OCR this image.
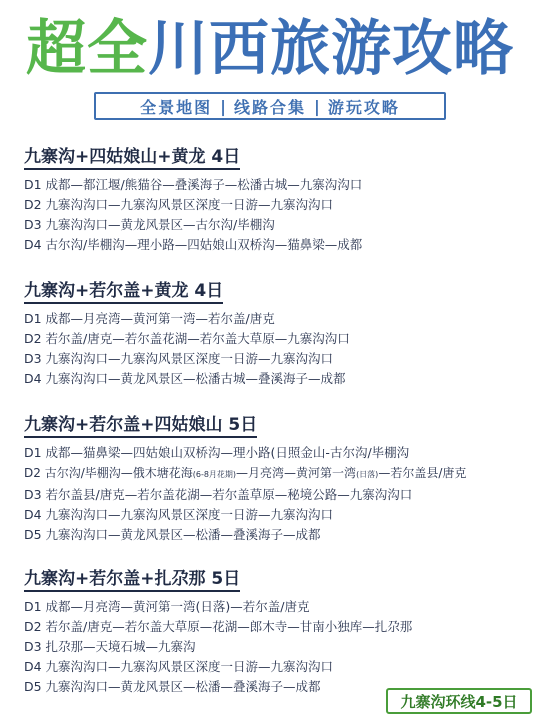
超全川西旅游攻略
全景地图 | 线路合集 | 游玩攻略
九寨沟+四姑娘山+黄龙 4日
D1 成都—都江堰/熊猫谷—叠溪海子—松潘古城—九寨沟沟口
D2 九寨沟沟口—九寨沟风景区深度一日游—九寨沟沟口
D3 九寨沟沟口—黄龙风景区—古尔沟/毕棚沟
D4 古尔沟/毕棚沟—理小路—四姑娘山双桥沟—猫鼻梁—成都
九寨沟+若尔盖+黄龙 4日
D1 成都—月亮湾—黄河第一湾—若尔盖/唐克
D2 若尔盖/唐克—若尔盖花湖—若尔盖大草原—九寨沟沟口
D3 九寨沟沟口—九寨沟风景区深度一日游—九寨沟沟口
D4 九寨沟沟口—黄龙风景区—松潘古城—叠溪海子—成都
九寨沟+若尔盖+四姑娘山 5日
D1 成都—猫鼻梁—四姑娘山双桥沟—理小路(日照金山-古尔沟/毕棚沟
D2 古尔沟/毕棚沟—俄木塘花海(6-8月花期)—月亮湾—黄河第一湾(日落)—若尔盖县/唐克
D3 若尔盖县/唐克—若尔盖花湖—若尔盖草原—秘境公路—九寨沟沟口
D4 九寨沟沟口—九寨沟风景区深度一日游—九寨沟沟口
D5 九寨沟沟口—黄龙风景区—松潘—叠溪海子—成都
九寨沟+若尔盖+扎尕那 5日
D1 成都—月亮湾—黄河第一湾(日落)—若尔盖/唐克
D2 若尔盖/唐克—若尔盖大草原—花湖—郎木寺—甘南小独库—扎尕那
D3 扎尕那—天境石城—九寨沟
D4 九寨沟沟口—九寨沟风景区深度一日游—九寨沟沟口
D5 九寨沟沟口—黄龙风景区—松潘—叠溪海子—成都
九寨沟环线4-5日
